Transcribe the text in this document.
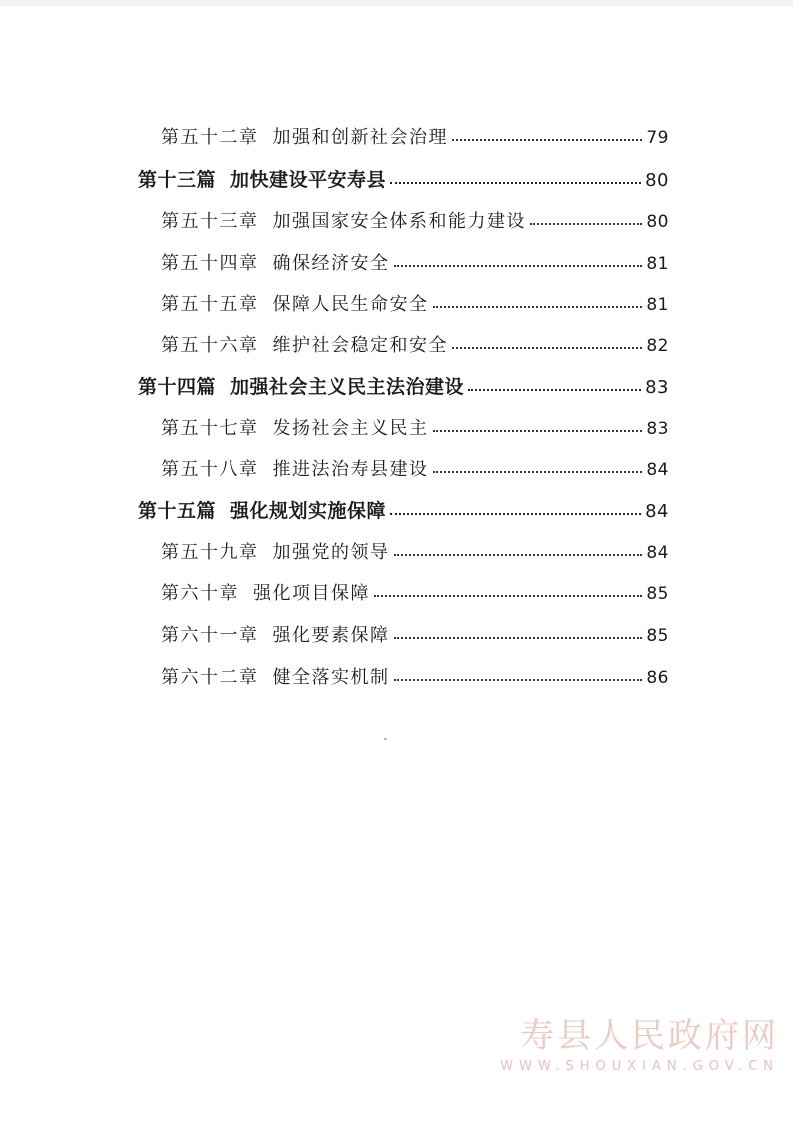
第五十二章 加强和创新社会治理	79
第十三篇 加快建设平安寿县	80
第五十三章 加强国家安全体系和能力建设	80
第五十四章 确保经济安全	81
第五十五章 保障人民生命安全	81
第五十六章 维护社会稳定和安全	82
第十四篇 加强社会主义民主法治建设	83
第五十七章 发扬社会主义民主	83
第五十八章 推进法治寿县建设	84
第十五篇 强化规划实施保障	84
第五十九章 加强党的领导	84
第六十章 强化项目保障	85
第六十一章 强化要素保障	85
第六十二章 健全落实机制	86
寿县人民政府网
WWW.SHOUXIAN.GOV.CN
